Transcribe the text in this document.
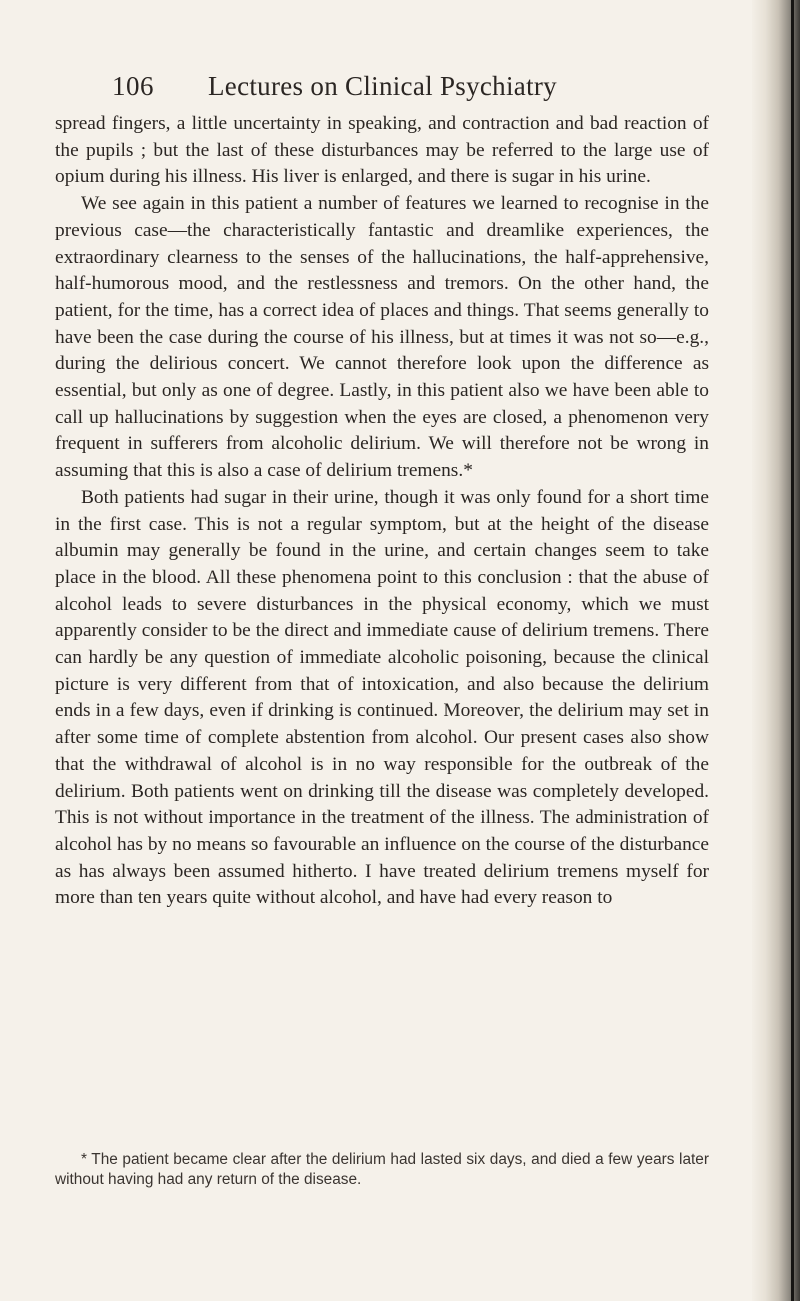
106 Lectures on Clinical Psychiatry

spread fingers, a little uncertainty in speaking, and contraction and bad reaction of the pupils ; but the last of these disturbances may be referred to the large use of opium during his illness. His liver is enlarged, and there is sugar in his urine.

We see again in this patient a number of features we learned to recognise in the previous case—the characteristically fantastic and dreamlike experiences, the extraordinary clearness to the senses of the hallucinations, the half-apprehensive, half-humorous mood, and the restlessness and tremors. On the other hand, the patient, for the time, has a correct idea of places and things. That seems generally to have been the case during the course of his illness, but at times it was not so—e.g., during the delirious concert. We cannot therefore look upon the difference as essential, but only as one of degree. Lastly, in this patient also we have been able to call up hallucinations by suggestion when the eyes are closed, a phenomenon very frequent in sufferers from alcoholic delirium. We will therefore not be wrong in assuming that this is also a case of delirium tremens.*

Both patients had sugar in their urine, though it was only found for a short time in the first case. This is not a regular symptom, but at the height of the disease albumin may generally be found in the urine, and certain changes seem to take place in the blood. All these phenomena point to this conclusion : that the abuse of alcohol leads to severe disturbances in the physical economy, which we must apparently consider to be the direct and immediate cause of delirium tremens. There can hardly be any question of immediate alcoholic poisoning, because the clinical picture is very different from that of intoxication, and also because the delirium ends in a few days, even if drinking is continued. Moreover, the delirium may set in after some time of complete abstention from alcohol. Our present cases also show that the withdrawal of alcohol is in no way responsible for the outbreak of the delirium. Both patients went on drinking till the disease was completely developed. This is not without importance in the treatment of the illness. The administration of alcohol has by no means so favourable an influence on the course of the disturbance as has always been assumed hitherto. I have treated delirium tremens myself for more than ten years quite without alcohol, and have had every reason to

* The patient became clear after the delirium had lasted six days, and died a few years later without having had any return of the disease.
